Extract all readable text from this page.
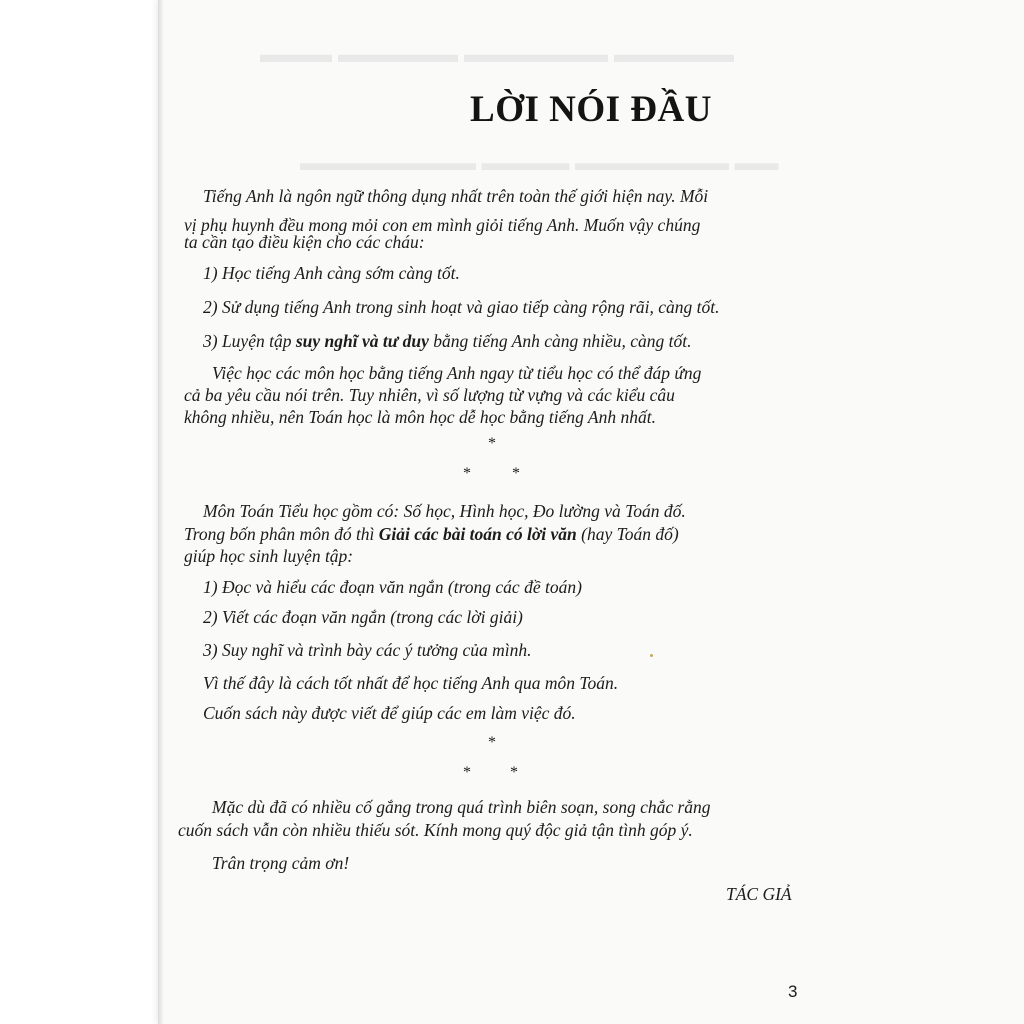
▬▬▬▬▬ ▬▬▬▬▬▬ ▬▬▬▬▬ ▬▬▬
▬▬ ▬▬▬▬▬▬▬ ▬▬▬▬ ▬▬▬▬▬▬▬▬
LỜI NÓI ĐẦU
Tiếng Anh là ngôn ngữ thông dụng nhất trên toàn thế giới hiện nay. Mỗi
vị phụ huynh đều mong mỏi con em mình giỏi tiếng Anh. Muốn vậy chúng
ta cần tạo điều kiện cho các cháu:
1) Học tiếng Anh càng sớm càng tốt.
2) Sử dụng tiếng Anh trong sinh hoạt và giao tiếp càng rộng rãi, càng tốt.
3) Luyện tập suy nghĩ và tư duy bằng tiếng Anh càng nhiều, càng tốt.
Việc học các môn học bằng tiếng Anh ngay từ tiểu học có thể đáp ứng
cả ba yêu cầu nói trên. Tuy nhiên, vì số lượng từ vựng và các kiểu câu
không nhiều, nên Toán học là môn học dễ học bằng tiếng Anh nhất.
*
*	*
Môn Toán Tiểu học gồm có: Số học, Hình học, Đo lường và Toán đố.
Trong bốn phân môn đó thì Giải các bài toán có lời văn (hay Toán đố)
giúp học sinh luyện tập:
1) Đọc và hiểu các đoạn văn ngắn (trong các đề toán)
2) Viết các đoạn văn ngắn (trong các lời giải)
3) Suy nghĩ và trình bày các ý tưởng của mình.
Vì thế đây là cách tốt nhất để học tiếng Anh qua môn Toán.
Cuốn sách này được viết để giúp các em làm việc đó.
*
* *
Mặc dù đã có nhiều cố gắng trong quá trình biên soạn, song chắc rằng
cuốn sách vẫn còn nhiều thiếu sót. Kính mong quý độc giả tận tình góp ý.
Trân trọng cảm ơn!
TÁC GIẢ
3
